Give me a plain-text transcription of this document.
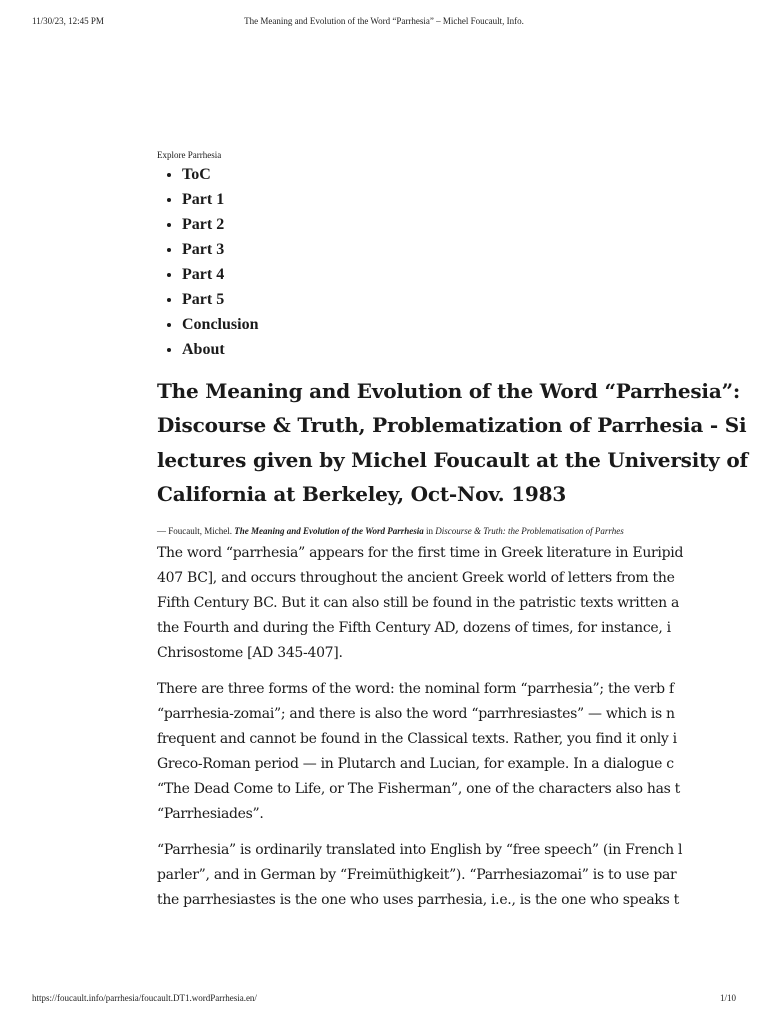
11/30/23, 12:45 PM	The Meaning and Evolution of the Word “Parrhesia” – Michel Foucault, Info.
Explore Parrhesia
• ToC
• Part 1
• Part 2
• Part 3
• Part 4
• Part 5
• Conclusion
• About
The Meaning and Evolution of the Word “Parrhesia”:
Discourse & Truth, Problematization of Parrhesia - Si
lectures given by Michel Foucault at the University of
California at Berkeley, Oct-Nov. 1983
— Foucault, Michel. The Meaning and Evolution of the Word Parrhesia in Discourse & Truth: the Problematisation of Parrhes
The word “parrhesia” appears for the first time in Greek literature in Euripid
407 BC], and occurs throughout the ancient Greek world of letters from the
Fifth Century BC. But it can also still be found in the patristic texts written a
the Fourth and during the Fifth Century AD, dozens of times, for instance, i
Chrisostome [AD 345-407].
There are three forms of the word: the nominal form “parrhesia”; the verb f
“parrhesia-zomai”; and there is also the word “parrhresiastes” — which is n
frequent and cannot be found in the Classical texts. Rather, you find it only i
Greco-Roman period — in Plutarch and Lucian, for example. In a dialogue c
“The Dead Come to Life, or The Fisherman”, one of the characters also has t
“Parrhesiades”.
“Parrhesia” is ordinarily translated into English by “free speech” (in French l
parler”, and in German by “Freimüthigkeit”). “Parrhesiazomai” is to use par
the parrhesiastes is the one who uses parrhesia, i.e., is the one who speaks t
https://foucault.info/parrhesia/foucault.DT1.wordParrhesia.en/	1/10
